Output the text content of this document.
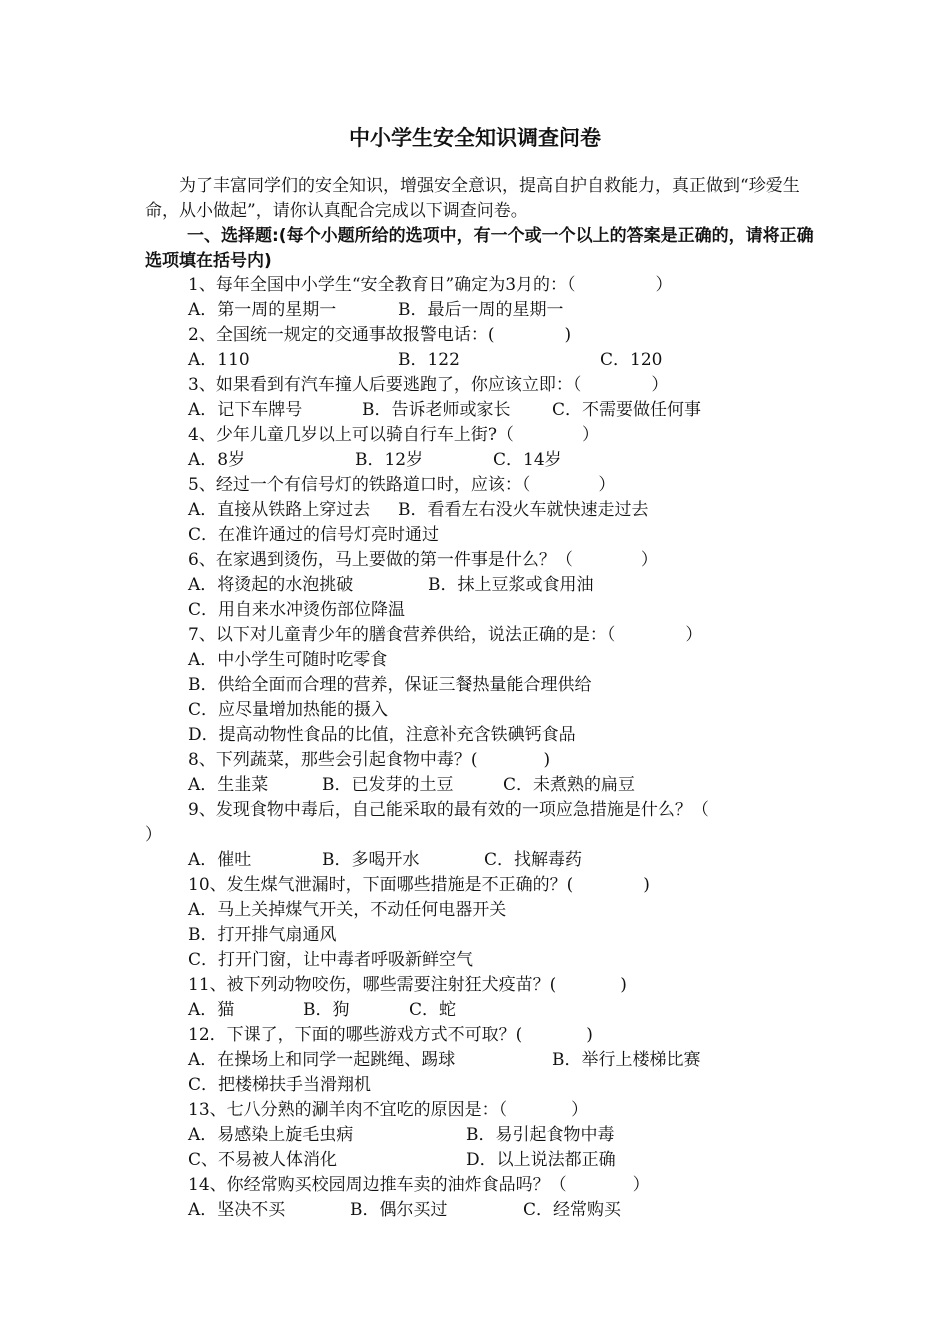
中小学生安全知识调查问卷
为了丰富同学们的安全知识，增强安全意识，提高自护自救能力，真正做到“珍爱生命，从小做起”，请你认真配合完成以下调查问卷。
一、选择题:(每个小题所给的选项中，有一个或一个以上的答案是正确的，请将正确选项填在括号内)
1、每年全国中小学生“安全教育日”确定为3月的：（	）
A．第一周的星期一	B．最后一周的星期一
2、全国统一规定的交通事故报警电话：(	)
A．110	B．122	C．120
3、如果看到有汽车撞人后要逃跑了，你应该立即：（	）
A．记下车牌号	B．告诉老师或家长 C．不需要做任何事
4、少年儿童几岁以上可以骑自行车上街?（	）
A．8岁	B．12岁	C．14岁
5、经过一个有信号灯的铁路道口时，应该：（	）
A．直接从铁路上穿过去 B．看看左右没火车就快速走过去
C．在准许通过的信号灯亮时通过
6、在家遇到烫伤，马上要做的第一件事是什么？（	）
A．将烫起的水泡挑破	B．抹上豆浆或食用油
C．用自来水冲烫伤部位降温
7、以下对儿童青少年的膳食营养供给，说法正确的是：（	）
A．中小学生可随时吃零食
B．供给全面而合理的营养，保证三餐热量能合理供给
C．应尽量增加热能的摄入
D．提高动物性食品的比值，注意补充含铁碘钙食品
8、下列蔬菜，那些会引起食物中毒？(	)
A．生韭菜	B．已发芽的土豆	C．未煮熟的扁豆
9、发现食物中毒后，自己能采取的最有效的一项应急措施是什么？（
）
A．催吐	B．多喝开水	C．找解毒药
10、发生煤气泄漏时，下面哪些措施是不正确的？(	)
A．马上关掉煤气开关，不动任何电器开关
B．打开排气扇通风
C．打开门窗，让中毒者呼吸新鲜空气
11、被下列动物咬伤，哪些需要注射狂犬疫苗？(	)
A．猫	B．狗	C．蛇
12．下课了，下面的哪些游戏方式不可取？(	)
A．在操场上和同学一起跳绳、踢球	B．举行上楼梯比赛
C．把楼梯扶手当滑翔机
13、七八分熟的涮羊肉不宜吃的原因是：（	）
A．易感染上旋毛虫病	B．易引起食物中毒
C、不易被人体消化	D．以上说法都正确
14、你经常购买校园周边推车卖的油炸食品吗？（	）
A．坚决不买	B．偶尔买过	C．经常购买
